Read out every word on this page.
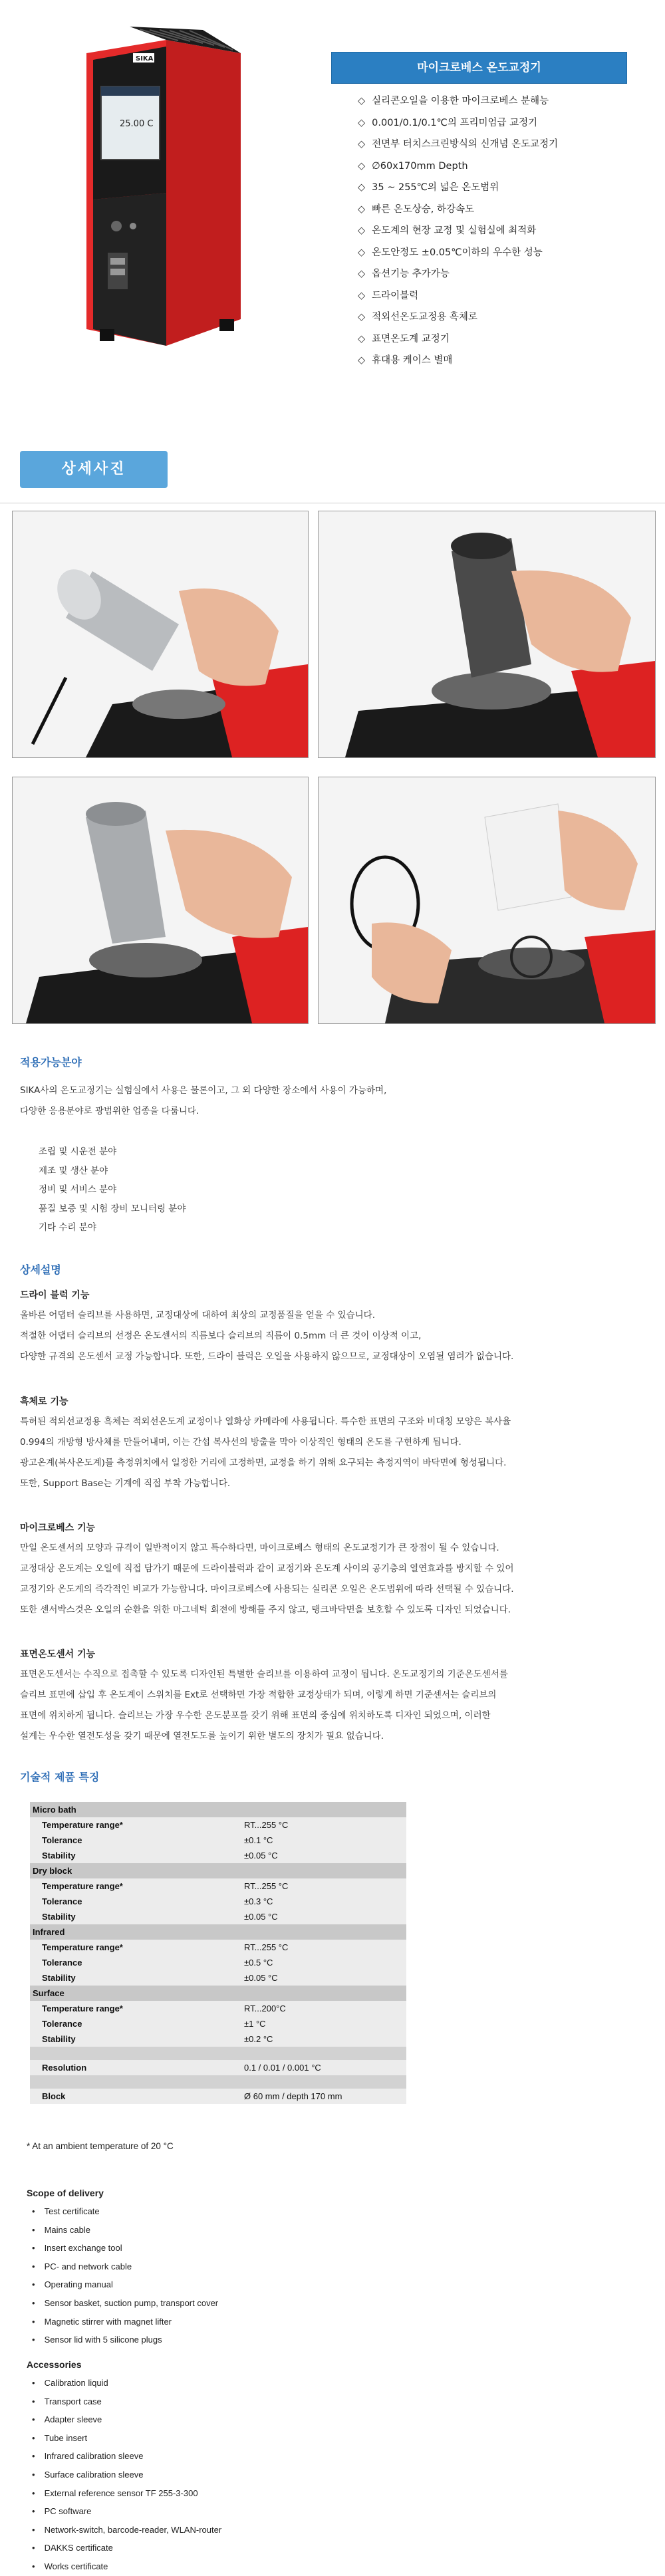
25.00 C
SIKA
마이크로베스 온도교정기
◇ 실리콘오일을 이용한 마이크로베스 분해능
◇ 0.001/0.1/0.1℃의 프리미엄급 교정기
◇ 전면부 터치스크린방식의 신개념 온도교정기
◇ ∅60x170mm Depth
◇ 35 ~ 255℃의 넓은 온도범위
◇ 빠른 온도상승, 하강속도
◇ 온도계의 현장 교정 및 실험실에 최적화
◇ 온도안정도 ±0.05℃이하의 우수한 성능
◇ 옵션기능 추가가능
◇ 드라이블럭
◇ 적외선온도교정용 흑체로
◇ 표면온도계 교정기
◇ 휴대용 케이스 별매
상세사진
적용가능분야
SIKA사의 온도교정기는 실험실에서 사용은 물론이고, 그 외 다양한 장소에서 사용이 가능하며,
다양한 응용분야로 광범위한 업종을 다룹니다.
조립 및 시운전 분야
제조 및 생산 분야
정비 및 서비스 분야
품질 보증 및 시험 장비 모니터링 분야
기타 수리 분야
상세설명
드라이 블럭 기능
올바른 어댑터 슬리브를 사용하면, 교정대상에 대하여 최상의 교정품질을 얻을 수 있습니다.
적절한 어댑터 슬리브의 선정은 온도센서의 직름보다 슬리브의 직름이 0.5mm 더 큰 것이 이상적 이고,
다양한 규격의 온도센서 교정 가능합니다. 또한, 드라이 블럭은 오일을 사용하지 않으므로, 교정대상이 오염될 염려가 없습니다.
흑체로 기능
특허된 적외선교정용 흑체는 적외선온도계 교정이나 열화상 카메라에 사용됩니다. 특수한 표면의 구조와 비대칭 모양은 복사율
0.994의 개방형 방사체를 만들어내며, 이는 간섭 복사선의 방출을 막아 이상적인 형태의 온도를 구현하게 됩니다.
광고온계(복사온도계)를 측정위치에서 일정한 거리에 고정하면, 교정을 하기 위해 요구되는 측정지역이 바닥면에 형성됩니다.
또한, Support Base는 기계에 직접 부착 가능합니다.
마이크로베스 기능
만일 온도센서의 모양과 규격이 일반적이지 않고 특수하다면, 마이크로베스 형태의 온도교정기가 큰 장점이 될 수 있습니다.
교정대상 온도계는 오일에 직접 담가기 때문에 드라이블럭과 같이 교정기와 온도계 사이의 공기층의 열연효과를 방지할 수 있어
교정기와 온도계의 즉각적인 비교가 가능합니다. 마이크로베스에 사용되는 실리콘 오일은 온도범위에 따라 선택될 수 있습니다.
또한 센서박스것은 오일의 순환을 위한 마그네틱 회전에 방해를 주지 않고, 탱크바닥면을 보호할 수 있도록 디자인 되었습니다.
표면온도센서 기능
표면온도센서는 수직으로 접촉할 수 있도록 디자인된 특별한 슬리브를 이용하여 교정이 됩니다. 온도교정기의 기준온도센서를
슬리브 표면에 삽입 후 온도계이 스위치를 Ext로 선택하면 가장 적합한 교정상태가 되며, 이렇게 하면 기준센서는 슬리브의
표면에 위치하게 됩니다. 슬리브는 가장 우수한 온도분포를 갖기 위해 표면의 중심에 위치하도록 디자인 되었으며, 이러한
설계는 우수한 열전도성을 갖기 때문에 열전도도를 높이기 위한 별도의 장치가 필요 없습니다.
기술적 제품 특징
Micro bath	
Temperature range*	RT...255 °C
Tolerance	±0.1 °C
Stability	±0.05 °C
Dry block	
Temperature range*	RT...255 °C
Tolerance	±0.3 °C
Stability	±0.05 °C
Infrared	
Temperature range*	RT...255 °C
Tolerance	±0.5 °C
Stability	±0.05 °C
Surface	
Temperature range*	RT...200°C
Tolerance	±1 °C
Stability	±0.2 °C

Resolution	0.1 / 0.01 / 0.001 °C

Block	Ø 60 mm / depth 170 mm
* At an ambient temperature of 20 °C
Scope of delivery
• Test certificate
• Mains cable
• Insert exchange tool
• PC- and network cable
• Operating manual
• Sensor basket, suction pump, transport cover
• Magnetic stirrer with magnet lifter
• Sensor lid with 5 silicone plugs
Accessories
• Calibration liquid
• Transport case
• Adapter sleeve
• Tube insert
• Infrared calibration sleeve
• Surface calibration sleeve
• External reference sensor TF 255-3-300
• PC software
• Network-switch, barcode-reader, WLAN-router
• DAKKS certificate
• Works certificate
